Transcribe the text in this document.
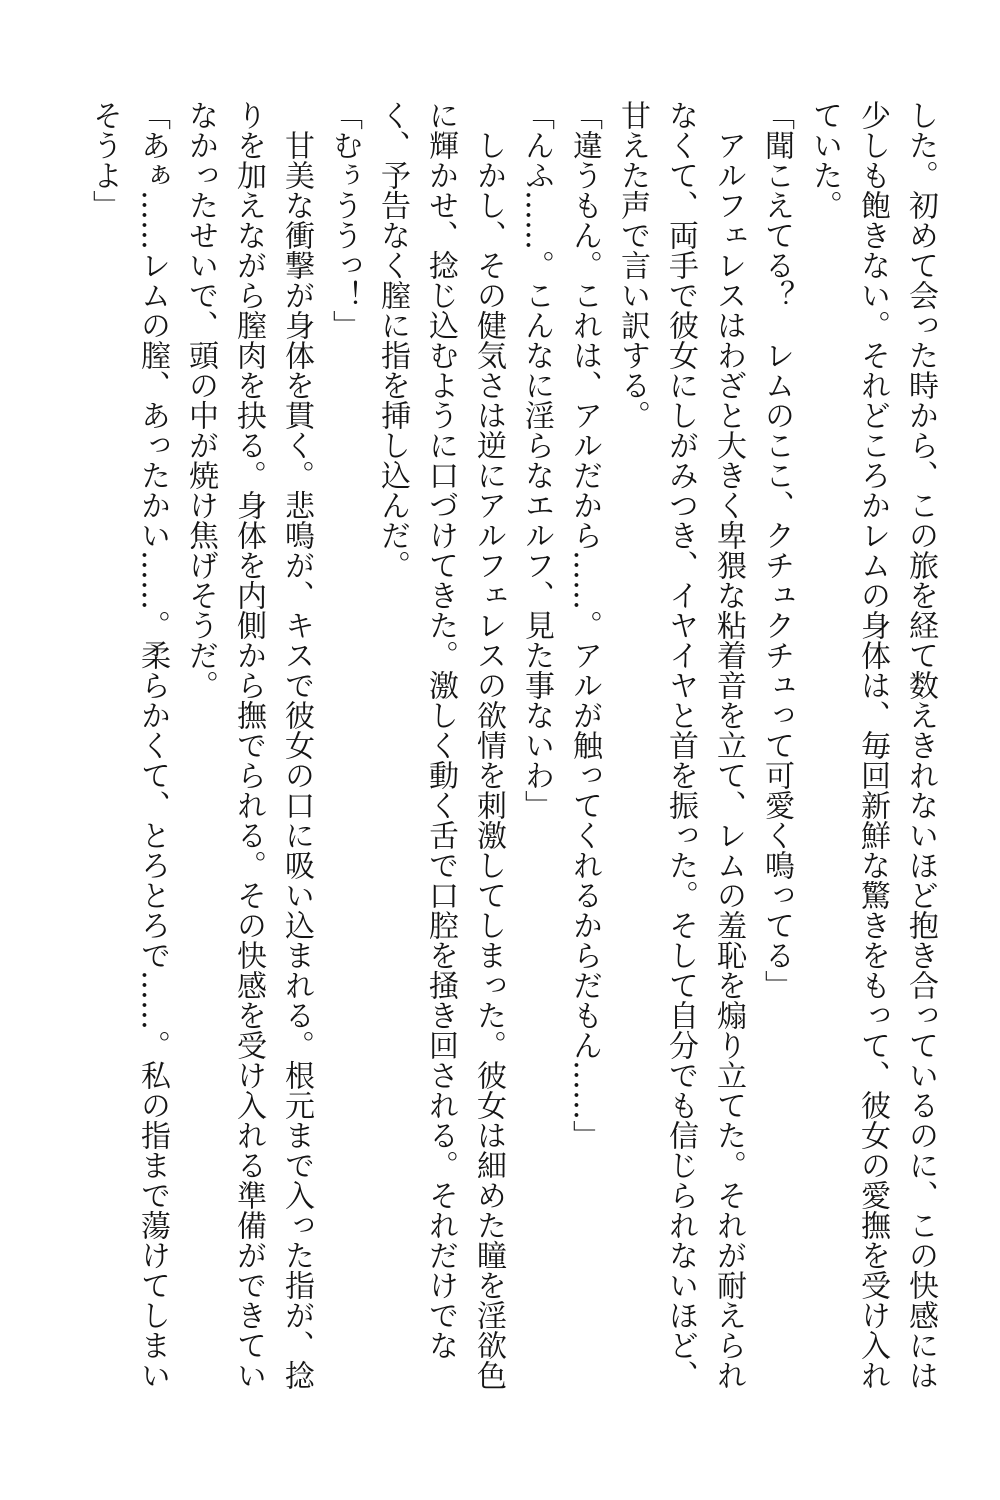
した。初めて会った時から、この旅を経て数えきれないほど抱き合っているのに、この快感には少しも飽きない。それどころかレムの身体は、毎回新鮮な驚きをもって、彼女の愛撫を受け入れていた。

「聞こえてる？　レムのここ、クチュクチュって可愛く鳴ってる」

アルフェレスはわざと大きく卑猥な粘着音を立て、レムの羞恥を煽り立てた。それが耐えられなくて、両手で彼女にしがみつき、イヤイヤと首を振った。そして自分でも信じられないほど、甘えた声で言い訳する。

「違うもん。これは、アルだから……。アルが触ってくれるからだもん……」

「んふ……。こんなに淫らなエルフ、見た事ないわ」

しかし、その健気さは逆にアルフェレスの欲情を刺激してしまった。彼女は細めた瞳を淫欲色に輝かせ、捻じ込むように口づけてきた。激しく動く舌で口腔を掻き回される。それだけでなく、予告なく膣に指を挿し込んだ。

「むぅううっ！」

甘美な衝撃が身体を貫く。悲鳴が、キスで彼女の口に吸い込まれる。根元まで入った指が、捻りを加えながら膣肉を抉る。身体を内側から撫でられる。その快感を受け入れる準備ができていなかったせいで、頭の中が焼け焦げそうだ。

「あぁ……レムの膣、あったかい……。柔らかくて、とろとろで……。私の指まで蕩けてしまいそうよ」
